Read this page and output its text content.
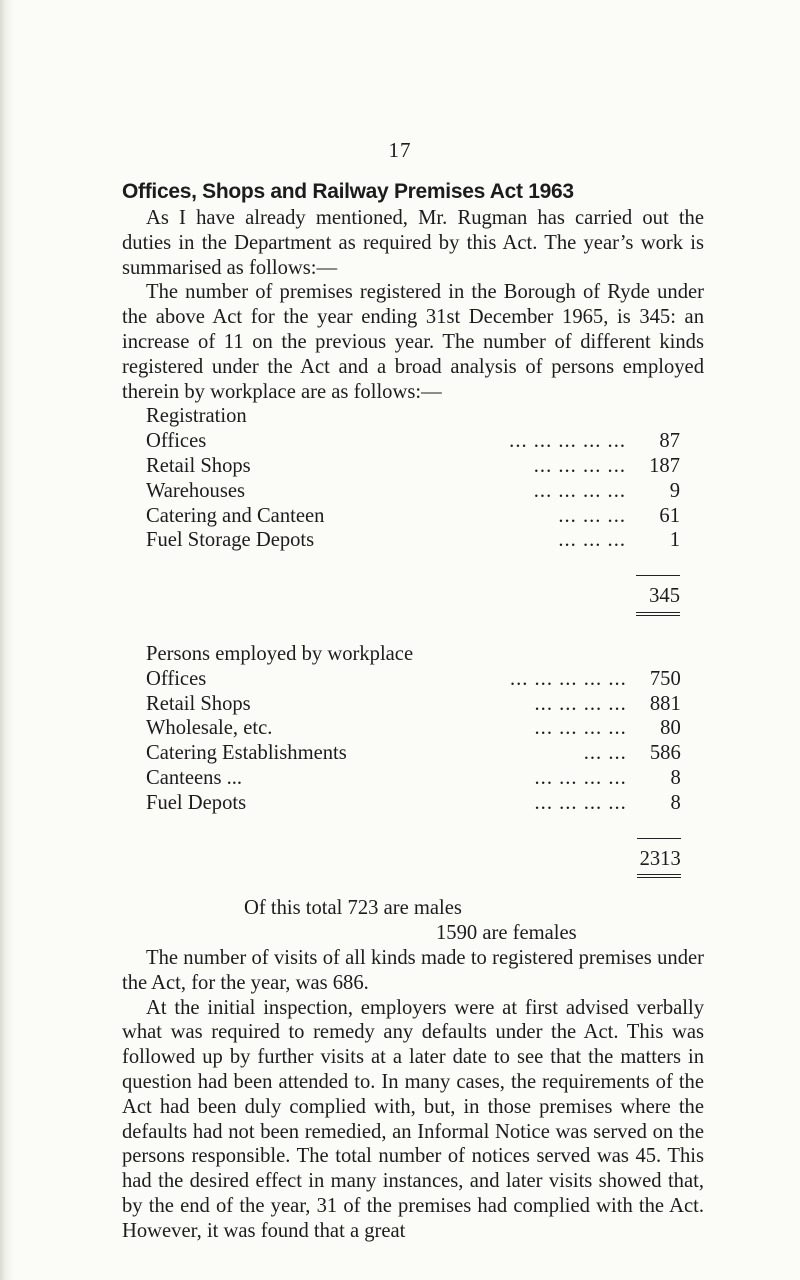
17
Offices, Shops and Railway Premises Act 1963

As I have already mentioned, Mr. Rugman has carried out the duties in the Department as required by this Act. The year’s work is summarised as follows:—

The number of premises registered in the Borough of Ryde under the above Act for the year ending 31st December 1965, is 345: an increase of 11 on the previous year. The number of different kinds registered under the Act and a broad analysis of persons employed therein by workplace are as follows:—

Registration
Offices	... ... ... ... ...	87
Retail Shops	... ... ... ...	187
Warehouses	... ... ... ...	9
Catering and Canteen	... ... ...	61
Fuel Storage Depots	... ... ...	1

		345
Persons employed by workplace
Offices	... ... ... ... ...	750
Retail Shops	... ... ... ...	881
Wholesale, etc.	... ... ... ...	80
Catering Establishments	... ...	586
Canteens ...	... ... ... ...	8
Fuel Depots	... ... ... ...	8

		2313
Of this total 723 are males
1590 are females

The number of visits of all kinds made to registered premises under the Act, for the year, was 686.

At the initial inspection, employers were at first advised verbally what was required to remedy any defaults under the Act. This was followed up by further visits at a later date to see that the matters in question had been attended to. In many cases, the requirements of the Act had been duly complied with, but, in those premises where the defaults had not been remedied, an Informal Notice was served on the persons responsible. The total number of notices served was 45. This had the desired effect in many instances, and later visits showed that, by the end of the year, 31 of the premises had complied with the Act. However, it was found that a great
